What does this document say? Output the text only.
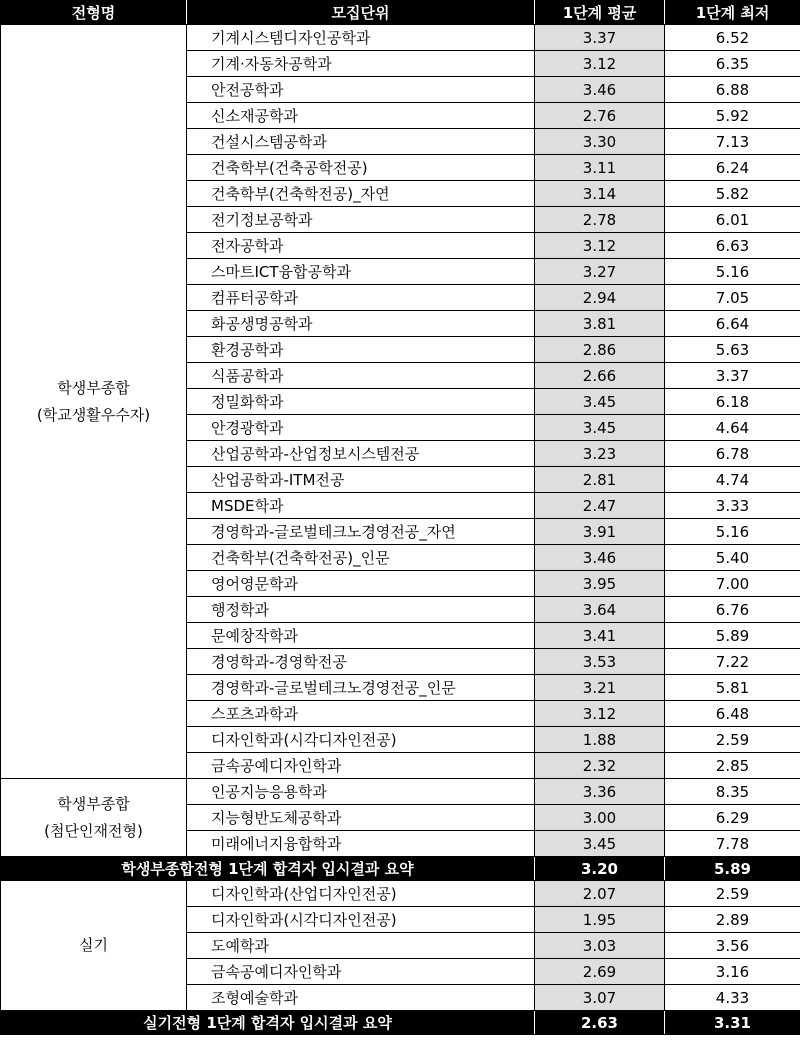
전형명	모집단위	1단계 평균	1단계 최저

학생부종합
(학교생활우수자)	기계시스템디자인공학과	3.37	6.52
	기계·자동차공학과	3.12	6.35
	안전공학과	3.46	6.88
	신소재공학과	2.76	5.92
	건설시스템공학과	3.30	7.13
	건축학부(건축공학전공)	3.11	6.24
	건축학부(건축학전공)_자연	3.14	5.82
	전기정보공학과	2.78	6.01
	전자공학과	3.12	6.63
	스마트ICT융합공학과	3.27	5.16
	컴퓨터공학과	2.94	7.05
	화공생명공학과	3.81	6.64
	환경공학과	2.86	5.63
	식품공학과	2.66	3.37
	정밀화학과	3.45	6.18
	안경광학과	3.45	4.64
	산업공학과-산업정보시스템전공	3.23	6.78
	산업공학과-ITM전공	2.81	4.74
	MSDE학과	2.47	3.33
	경영학과-글로벌테크노경영전공_자연	3.91	5.16
	건축학부(건축학전공)_인문	3.46	5.40
	영어영문학과	3.95	7.00
	행정학과	3.64	6.76
	문예창작학과	3.41	5.89
	경영학과-경영학전공	3.53	7.22
	경영학과-글로벌테크노경영전공_인문	3.21	5.81
	스포츠과학과	3.12	6.48
	디자인학과(시각디자인전공)	1.88	2.59
	금속공예디자인학과	2.32	2.85

학생부종합
(첨단인재전형)	인공지능응용학과	3.36	8.35
	지능형반도체공학과	3.00	6.29
	미래에너지융합학과	3.45	7.78
학생부종합전형 1단계 합격자 입시결과 요약		3.20	5.89

실기	디자인학과(산업디자인전공)	2.07	2.59
	디자인학과(시각디자인전공)	1.95	2.89
	도예학과	3.03	3.56
	금속공예디자인학과	2.69	3.16
	조형예술학과	3.07	4.33
실기전형 1단계 합격자 입시결과 요약		2.63	3.31
